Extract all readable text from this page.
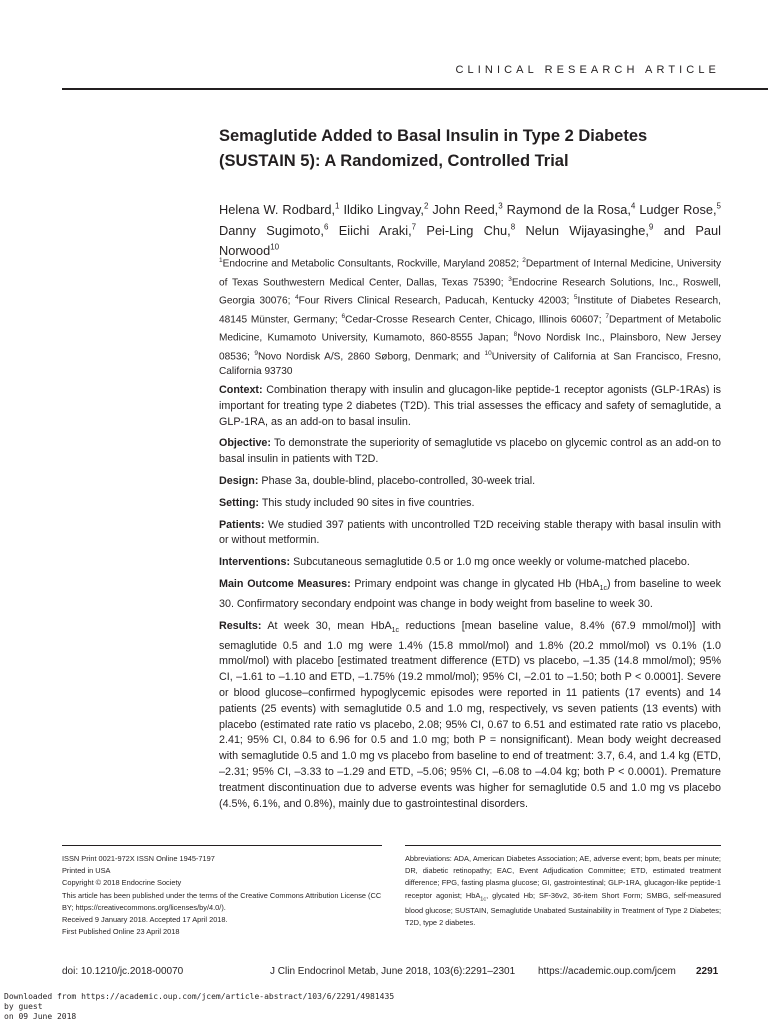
CLINICAL RESEARCH ARTICLE
Semaglutide Added to Basal Insulin in Type 2 Diabetes (SUSTAIN 5): A Randomized, Controlled Trial
Helena W. Rodbard,$^1$ Ildiko Lingvay,$^2$ John Reed,$^3$ Raymond de la Rosa,$^4$ Ludger Rose,$^5$ Danny Sugimoto,$^6$ Eiichi Araki,$^7$ Pei-Ling Chu,$^8$ Nelun Wijayasinghe,$^9$ and Paul Norwood$^{10}$
$^1$Endocrine and Metabolic Consultants, Rockville, Maryland 20852; $^2$Department of Internal Medicine, University of Texas Southwestern Medical Center, Dallas, Texas 75390; $^3$Endocrine Research Solutions, Inc., Roswell, Georgia 30076; $^4$Four Rivers Clinical Research, Paducah, Kentucky 42003; $^5$Institute of Diabetes Research, 48145 Münster, Germany; $^6$Cedar-Crosse Research Center, Chicago, Illinois 60607; $^7$Department of Metabolic Medicine, Kumamoto University, Kumamoto, 860-8555 Japan; $^8$Novo Nordisk Inc., Plainsboro, New Jersey 08536; $^9$Novo Nordisk A/S, 2860 Søborg, Denmark; and $^{10}$University of California at San Francisco, Fresno, California 93730

Context: Combination therapy with insulin and glucagon-like peptide-1 receptor agonists (GLP-1RAs) is important for treating type 2 diabetes (T2D). This trial assesses the efficacy and safety of semaglutide, a GLP-1RA, as an add-on to basal insulin.

Objective: To demonstrate the superiority of semaglutide vs placebo on glycemic control as an add-on to basal insulin in patients with T2D.

Design: Phase 3a, double-blind, placebo-controlled, 30-week trial.

Setting: This study included 90 sites in five countries.

Patients: We studied 397 patients with uncontrolled T2D receiving stable therapy with basal insulin with or without metformin.

Interventions: Subcutaneous semaglutide 0.5 or 1.0 mg once weekly or volume-matched placebo.

Main Outcome Measures: Primary endpoint was change in glycated Hb (HbA$_{1c}$) from baseline to week 30. Confirmatory secondary endpoint was change in body weight from baseline to week 30.

Results: At week 30, mean HbA$_{1c}$ reductions [mean baseline value, 8.4% (67.9 mmol/mol)] with semaglutide 0.5 and 1.0 mg were 1.4% (15.8 mmol/mol) and 1.8% (20.2 mmol/mol) vs 0.1% (1.0 mmol/mol) with placebo [estimated treatment difference (ETD) vs placebo, –1.35 (14.8 mmol/mol); 95% CI, –1.61 to –1.10 and ETD, –1.75% (19.2 mmol/mol); 95% CI, –2.01 to –1.50; both P < 0.0001]. Severe or blood glucose–confirmed hypoglycemic episodes were reported in 11 patients (17 events) and 14 patients (25 events) with semaglutide 0.5 and 1.0 mg, respectively, vs seven patients (13 events) with placebo (estimated rate ratio vs placebo, 2.08; 95% CI, 0.67 to 6.51 and estimated rate ratio vs placebo, 2.41; 95% CI, 0.84 to 6.96 for 0.5 and 1.0 mg; both P = nonsignificant). Mean body weight decreased with semaglutide 0.5 and 1.0 mg vs placebo from baseline to end of treatment: 3.7, 6.4, and 1.4 kg (ETD, –2.31; 95% CI, –3.33 to –1.29 and ETD, –5.06; 95% CI, –6.08 to –4.04 kg; both P < 0.0001). Premature treatment discontinuation due to adverse events was higher for semaglutide 0.5 and 1.0 mg vs placebo (4.5%, 6.1%, and 0.8%), mainly due to gastrointestinal disorders.

ISSN Print 0021-972X ISSN Online 1945-7197
Printed in USA
Copyright © 2018 Endocrine Society
This article has been published under the terms of the Creative Commons Attribution License (CC BY; https://creativecommons.org/licenses/by/4.0/).
Received 9 January 2018. Accepted 17 April 2018.
First Published Online 23 April 2018
Abbreviations: ADA, American Diabetes Association; AE, adverse event; bpm, beats per minute; DR, diabetic retinopathy; EAC, Event Adjudication Committee; ETD, estimated treatment difference; FPG, fasting plasma glucose; GI, gastrointestinal; GLP-1RA, glucagon-like peptide-1 receptor agonist; HbA$_{1c}$, glycated Hb; SF-36v2, 36-item Short Form; SMBG, self-measured blood glucose; SUSTAIN, Semaglutide Unabated Sustainability in Treatment of Type 2 Diabetes; T2D, type 2 diabetes.
doi: 10.1210/jc.2018-00070	J Clin Endocrinol Metab, June 2018, 103(6):2291–2301 https://academic.oup.com/jcem 2291
Downloaded from https://academic.oup.com/jcem/article-abstract/103/6/2291/4981435
by guest
on 09 June 2018
